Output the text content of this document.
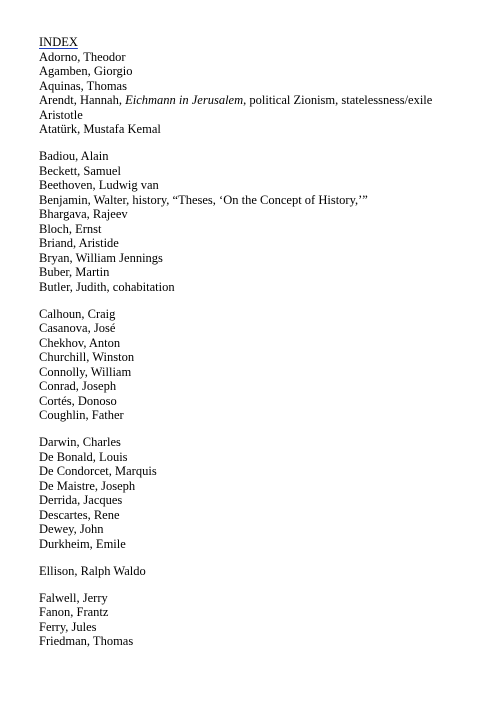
INDEX
Adorno, Theodor
Agamben, Giorgio
Aquinas, Thomas
Arendt, Hannah, Eichmann in Jerusalem, political Zionism, statelessness/exile
Aristotle
Atatürk, Mustafa Kemal
Badiou, Alain
Beckett, Samuel
Beethoven, Ludwig van
Benjamin, Walter, history, “Theses, ‘On the Concept of History,’”
Bhargava, Rajeev
Bloch, Ernst
Briand, Aristide
Bryan, William Jennings
Buber, Martin
Butler, Judith, cohabitation
Calhoun, Craig
Casanova, José
Chekhov, Anton
Churchill, Winston
Connolly, William
Conrad, Joseph
Cortés, Donoso
Coughlin, Father
Darwin, Charles
De Bonald, Louis
De Condorcet, Marquis
De Maistre, Joseph
Derrida, Jacques
Descartes, Rene
Dewey, John
Durkheim, Emile
Ellison, Ralph Waldo
Falwell, Jerry
Fanon, Frantz
Ferry, Jules
Friedman, Thomas
